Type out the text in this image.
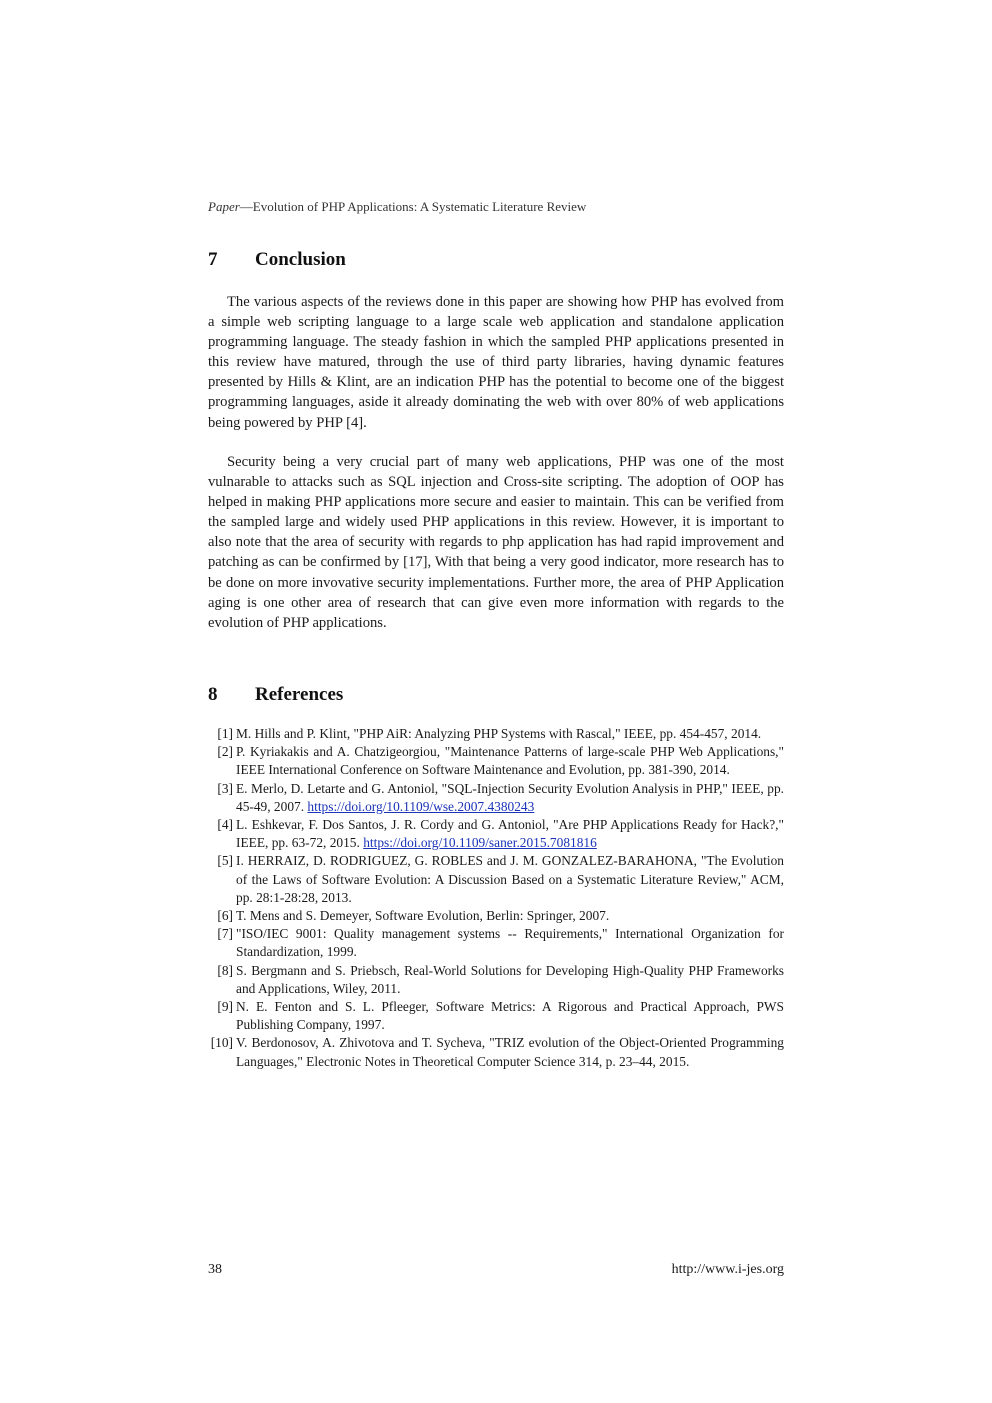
Paper—Evolution of PHP Applications: A Systematic Literature Review
7 Conclusion

The various aspects of the reviews done in this paper are showing how PHP has evolved from a simple web scripting language to a large scale web application and standalone application programming language. The steady fashion in which the sampled PHP applications presented in this review have matured, through the use of third party libraries, having dynamic features presented by Hills & Klint, are an indication PHP has the potential to become one of the biggest programming languages, aside it already dominating the web with over 80% of web applications being powered by PHP [4].

Security being a very crucial part of many web applications, PHP was one of the most vulnarable to attacks such as SQL injection and Cross-site scripting. The adoption of OOP has helped in making PHP applications more secure and easier to maintain. This can be verified from the sampled large and widely used PHP applications in this review. However, it is important to also note that the area of security with regards to php application has had rapid improvement and patching as can be confirmed by [17], With that being a very good indicator, more research has to be done on more invovative security implementations. Further more, the area of PHP Application aging is one other area of research that can give even more information with regards to the evolution of PHP applications.

8 References
[1] M. Hills and P. Klint, "PHP AiR: Analyzing PHP Systems with Rascal," IEEE, pp. 454-457, 2014.
[2] P. Kyriakakis and A. Chatzigeorgiou, "Maintenance Patterns of large-scale PHP Web Applications," IEEE International Conference on Software Maintenance and Evolution, pp. 381-390, 2014.
[3] E. Merlo, D. Letarte and G. Antoniol, "SQL-Injection Security Evolution Analysis in PHP," IEEE, pp. 45-49, 2007. https://doi.org/10.1109/wse.2007.4380243
[4] L. Eshkevar, F. Dos Santos, J. R. Cordy and G. Antoniol, "Are PHP Applications Ready for Hack?," IEEE, pp. 63-72, 2015. https://doi.org/10.1109/saner.2015.7081816
[5] I. HERRAIZ, D. RODRIGUEZ, G. ROBLES and J. M. GONZALEZ-BARAHONA, "The Evolution of the Laws of Software Evolution: A Discussion Based on a Systematic Literature Review," ACM, pp. 28:1-28:28, 2013.
[6] T. Mens and S. Demeyer, Software Evolution, Berlin: Springer, 2007.
[7] "ISO/IEC 9001: Quality management systems -- Requirements," International Organization for Standardization, 1999.
[8] S. Bergmann and S. Priebsch, Real-World Solutions for Developing High-Quality PHP Frameworks and Applications, Wiley, 2011.
[9] N. E. Fenton and S. L. Pfleeger, Software Metrics: A Rigorous and Practical Approach, PWS Publishing Company, 1997.
[10] V. Berdonosov, A. Zhivotova and T. Sycheva, "TRIZ evolution of the Object-Oriented Programming Languages," Electronic Notes in Theoretical Computer Science 314, p. 23–44, 2015.
38	http://www.i-jes.org
